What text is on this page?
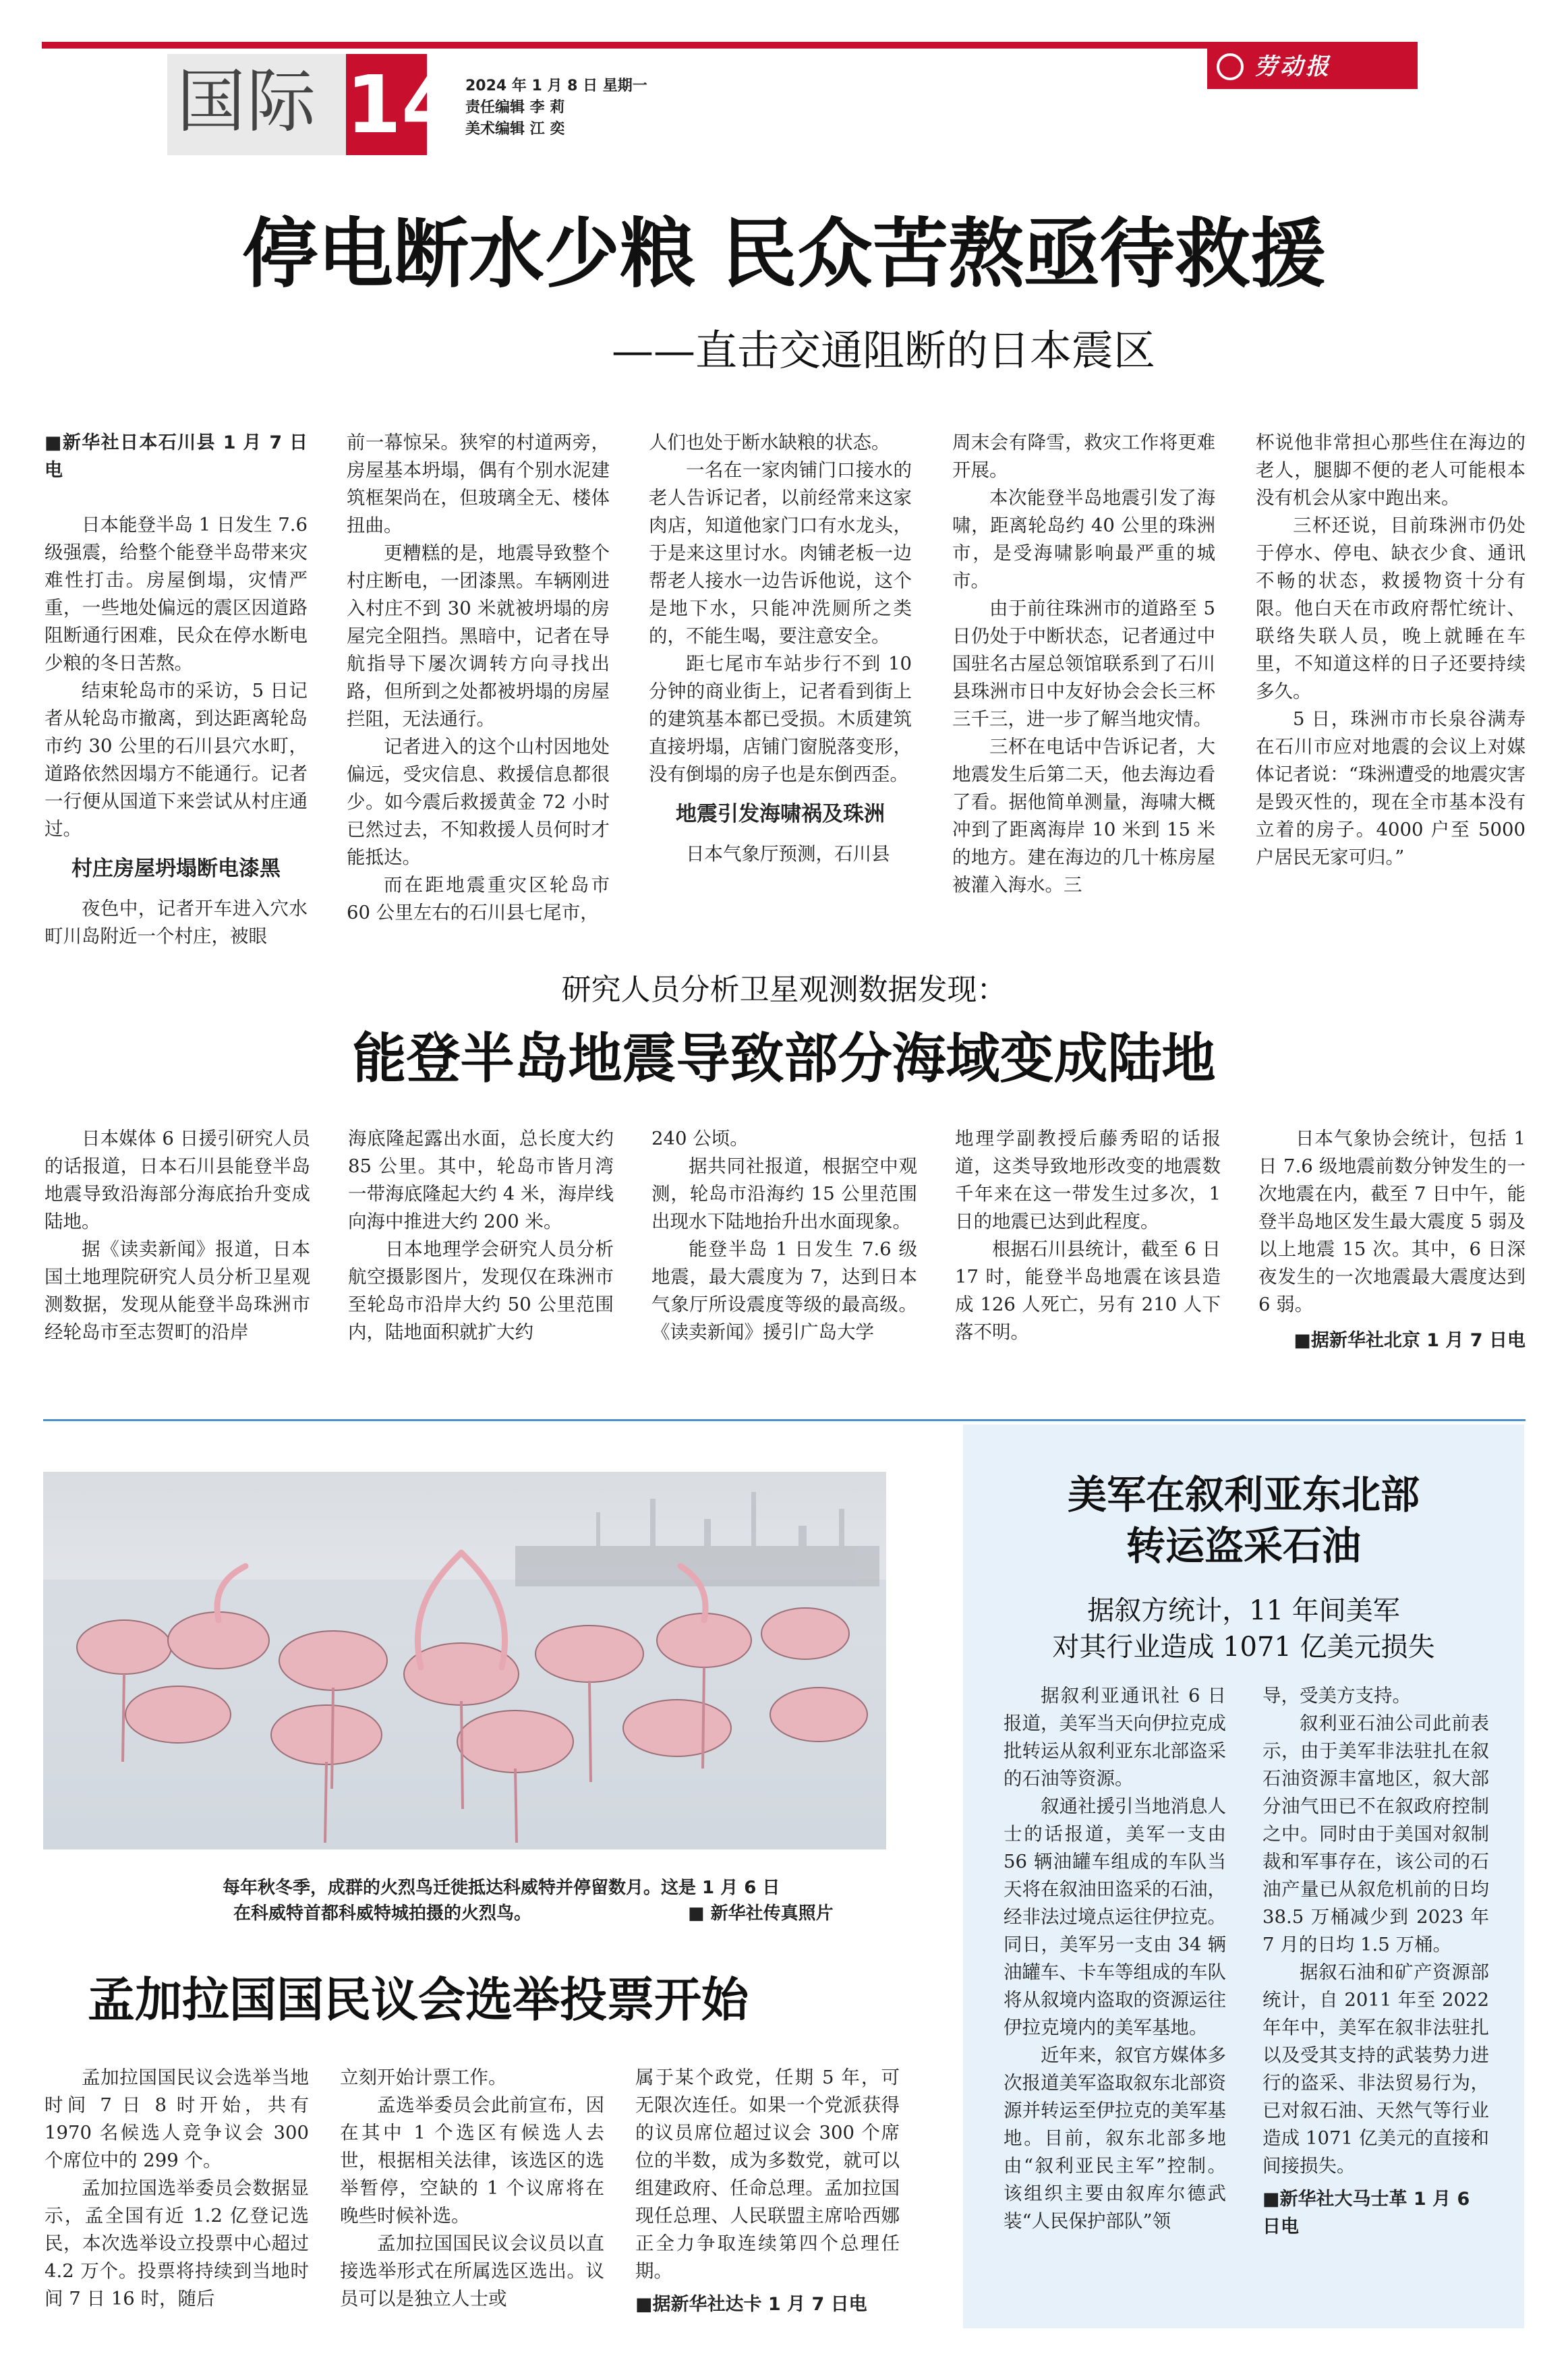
国际 14 2024 年 1 月 8 日 星期一
责任编辑 李 莉
美术编辑 江 奕
劳动报
停电断水少粮 民众苦熬亟待救援
——直击交通阻断的日本震区

■新华社日本石川县 1 月 7 日电

日本能登半岛 1 日发生 7.6 级强震，给整个能登半岛带来灾难性打击。房屋倒塌，灾情严重，一些地处偏远的震区因道路阻断通行困难，民众在停水断电少粮的冬日苦熬。

结束轮岛市的采访，5 日记者从轮岛市撤离，到达距离轮岛市约 30 公里的石川县穴水町，道路依然因塌方不能通行。记者一行便从国道下来尝试从村庄通过。

村庄房屋坍塌断电漆黑

夜色中，记者开车进入穴水町川岛附近一个村庄，被眼

前一幕惊呆。狭窄的村道两旁，房屋基本坍塌，偶有个别水泥建筑框架尚在，但玻璃全无、楼体扭曲。

更糟糕的是，地震导致整个村庄断电，一团漆黑。车辆刚进入村庄不到 30 米就被坍塌的房屋完全阻挡。黑暗中，记者在导航指导下屡次调转方向寻找出路，但所到之处都被坍塌的房屋拦阻，无法通行。

记者进入的这个山村因地处偏远，受灾信息、救援信息都很少。如今震后救援黄金 72 小时已然过去，不知救援人员何时才能抵达。

而在距地震重灾区轮岛市 60 公里左右的石川县七尾市，

人们也处于断水缺粮的状态。

一名在一家肉铺门口接水的老人告诉记者，以前经常来这家肉店，知道他家门口有水龙头，于是来这里讨水。肉铺老板一边帮老人接水一边告诉他说，这个是地下水，只能冲洗厕所之类的，不能生喝，要注意安全。

距七尾市车站步行不到 10 分钟的商业街上，记者看到街上的建筑基本都已受损。木质建筑直接坍塌，店铺门窗脱落变形，没有倒塌的房子也是东倒西歪。

地震引发海啸祸及珠洲

日本气象厅预测，石川县

周末会有降雪，救灾工作将更难开展。

本次能登半岛地震引发了海啸，距离轮岛约 40 公里的珠洲市，是受海啸影响最严重的城市。

由于前往珠洲市的道路至 5 日仍处于中断状态，记者通过中国驻名古屋总领馆联系到了石川县珠洲市日中友好协会会长三杯三千三，进一步了解当地灾情。

三杯在电话中告诉记者，大地震发生后第二天，他去海边看了看。据他简单测量，海啸大概冲到了距离海岸 10 米到 15 米的地方。建在海边的几十栋房屋被灌入海水。三

杯说他非常担心那些住在海边的老人，腿脚不便的老人可能根本没有机会从家中跑出来。

三杯还说，目前珠洲市仍处于停水、停电、缺衣少食、通讯不畅的状态，救援物资十分有限。他白天在市政府帮忙统计、联络失联人员，晚上就睡在车里，不知道这样的日子还要持续多久。

5 日，珠洲市市长泉谷满寿在石川市应对地震的会议上对媒体记者说：“珠洲遭受的地震灾害是毁灭性的，现在全市基本没有立着的房子。4000 户至 5000 户居民无家可归。”

研究人员分析卫星观测数据发现：
能登半岛地震导致部分海域变成陆地

日本媒体 6 日援引研究人员的话报道，日本石川县能登半岛地震导致沿海部分海底抬升变成陆地。

据《读卖新闻》报道，日本国土地理院研究人员分析卫星观测数据，发现从能登半岛珠洲市经轮岛市至志贺町的沿岸

海底隆起露出水面，总长度大约 85 公里。其中，轮岛市皆月湾一带海底隆起大约 4 米，海岸线向海中推进大约 200 米。

日本地理学会研究人员分析航空摄影图片，发现仅在珠洲市至轮岛市沿岸大约 50 公里范围内，陆地面积就扩大约

240 公顷。

据共同社报道，根据空中观测，轮岛市沿海约 15 公里范围出现水下陆地抬升出水面现象。

能登半岛 1 日发生 7.6 级地震，最大震度为 7，达到日本气象厅所设震度等级的最高级。《读卖新闻》援引广岛大学

地理学副教授后藤秀昭的话报道，这类导致地形改变的地震数千年来在这一带发生过多次，1 日的地震已达到此程度。

根据石川县统计，截至 6 日 17 时，能登半岛地震在该县造成 126 人死亡，另有 210 人下落不明。

日本气象协会统计，包括 1 日 7.6 级地震前数分钟发生的一次地震在内，截至 7 日中午，能登半岛地区发生最大震度 5 弱及以上地震 15 次。其中，6 日深夜发生的一次地震最大震度达到 6 弱。

■据新华社北京 1 月 7 日电

每年秋冬季，成群的火烈鸟迁徙抵达科威特并停留数月。这是 1 月 6 日
在科威特首都科威特城拍摄的火烈鸟。	■ 新华社传真照片
孟加拉国国民议会选举投票开始

孟加拉国国民议会选举当地时间 7 日 8 时开始，共有 1970 名候选人竞争议会 300 个席位中的 299 个。

孟加拉国选举委员会数据显示，孟全国有近 1.2 亿登记选民，本次选举设立投票中心超过 4.2 万个。投票将持续到当地时间 7 日 16 时，随后

立刻开始计票工作。

孟选举委员会此前宣布，因在其中 1 个选区有候选人去世，根据相关法律，该选区的选举暂停，空缺的 1 个议席将在晚些时候补选。

孟加拉国国民议会议员以直接选举形式在所属选区选出。议员可以是独立人士或

属于某个政党，任期 5 年，可无限次连任。如果一个党派获得的议员席位超过议会 300 个席位的半数，成为多数党，就可以组建政府、任命总理。孟加拉国现任总理、人民联盟主席哈西娜正全力争取连续第四个总理任期。

■据新华社达卡 1 月 7 日电

美军在叙利亚东北部
转运盗采石油
据叙方统计，11 年间美军
对其行业造成 1071 亿美元损失

据叙利亚通讯社 6 日报道，美军当天向伊拉克成批转运从叙利亚东北部盗采的石油等资源。

叙通社援引当地消息人士的话报道，美军一支由 56 辆油罐车组成的车队当天将在叙油田盗采的石油，经非法过境点运往伊拉克。同日，美军另一支由 34 辆油罐车、卡车等组成的车队将从叙境内盗取的资源运往伊拉克境内的美军基地。

近年来，叙官方媒体多次报道美军盗取叙东北部资源并转运至伊拉克的美军基地。目前，叙东北部多地由“叙利亚民主军”控制。该组织主要由叙库尔德武装“人民保护部队”领

导，受美方支持。

叙利亚石油公司此前表示，由于美军非法驻扎在叙石油资源丰富地区，叙大部分油气田已不在叙政府控制之中。同时由于美国对叙制裁和军事存在，该公司的石油产量已从叙危机前的日均 38.5 万桶减少到 2023 年 7 月的日均 1.5 万桶。

据叙石油和矿产资源部统计，自 2011 年至 2022 年年中，美军在叙非法驻扎以及受其支持的武装势力进行的盗采、非法贸易行为，已对叙石油、天然气等行业造成 1071 亿美元的直接和间接损失。

■新华社大马士革 1 月 6 日电
